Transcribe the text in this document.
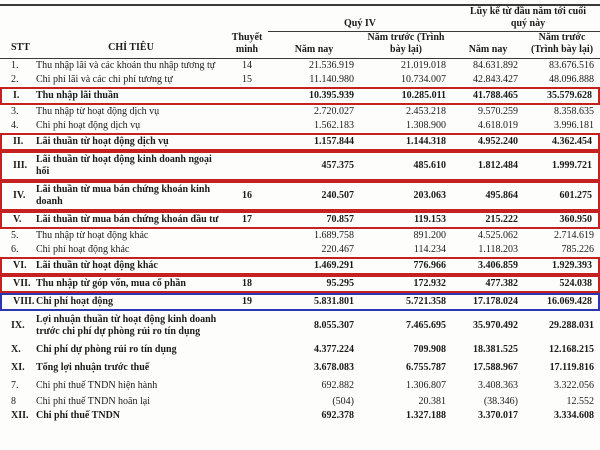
STT	CHỈ TIÊU	Thuyết minh	Quý IV		Lũy kế từ đầu năm tới cuối quý này	
			Năm nay	Năm trước (Trình bày lại)	Năm nay	Năm trước (Trình bày lại)
1.	Thu nhập lãi và các khoản thu nhập tương tự	14	21.536.919	21.019.018	84.631.892	83.676.516
2.	Chi phí lãi và các chi phí tương tự	15	11.140.980	10.734.007	42.843.427	48.096.888
I.	Thu nhập lãi thuần		10.395.939	10.285.011	41.788.465	35.579.628
3.	Thu nhập từ hoạt động dịch vụ		2.720.027	2.453.218	9.570.259	8.358.635
4.	Chi phí hoạt động dịch vụ		1.562.183	1.308.900	4.618.019	3.996.181
II.	Lãi thuần từ hoạt động dịch vụ		1.157.844	1.144.318	4.952.240	4.362.454
III.	Lãi thuần từ hoạt động kinh doanh ngoại hối		457.375	485.610	1.812.484	1.999.721
IV.	Lãi thuần từ mua bán chứng khoán kinh doanh	16	240.507	203.063	495.864	601.275
V.	Lãi thuần từ mua bán chứng khoán đầu tư	17	70.857	119.153	215.222	360.950
5.	Thu nhập từ hoạt động khác		1.689.758	891.200	4.525.062	2.714.619
6.	Chi phí hoạt động khác		220.467	114.234	1.118.203	785.226
VI.	Lãi thuần từ hoạt động khác		1.469.291	776.966	3.406.859	1.929.393
VII.	Thu nhập từ góp vốn, mua cổ phần	18	95.295	172.932	477.382	524.038
VIII.	Chi phí hoạt động	19	5.831.801	5.721.358	17.178.024	16.069.428
IX.	Lợi nhuận thuần từ hoạt động kinh doanh trước chi phí dự phòng rủi ro tín dụng		8.055.307	7.465.695	35.970.492	29.288.031
X.	Chi phí dự phòng rủi ro tín dụng		4.377.224	709.908	18.381.525	12.168.215
XI.	Tổng lợi nhuận trước thuế		3.678.083	6.755.787	17.588.967	17.119.816
7.	Chi phí thuế TNDN hiện hành		692.882	1.306.807	3.408.363	3.322.056
8	Chi phí thuế TNDN hoãn lại		(504)	20.381	(38.346)	12.552
XII.	Chi phí thuế TNDN		692.378	1.327.188	3.370.017	3.334.608
